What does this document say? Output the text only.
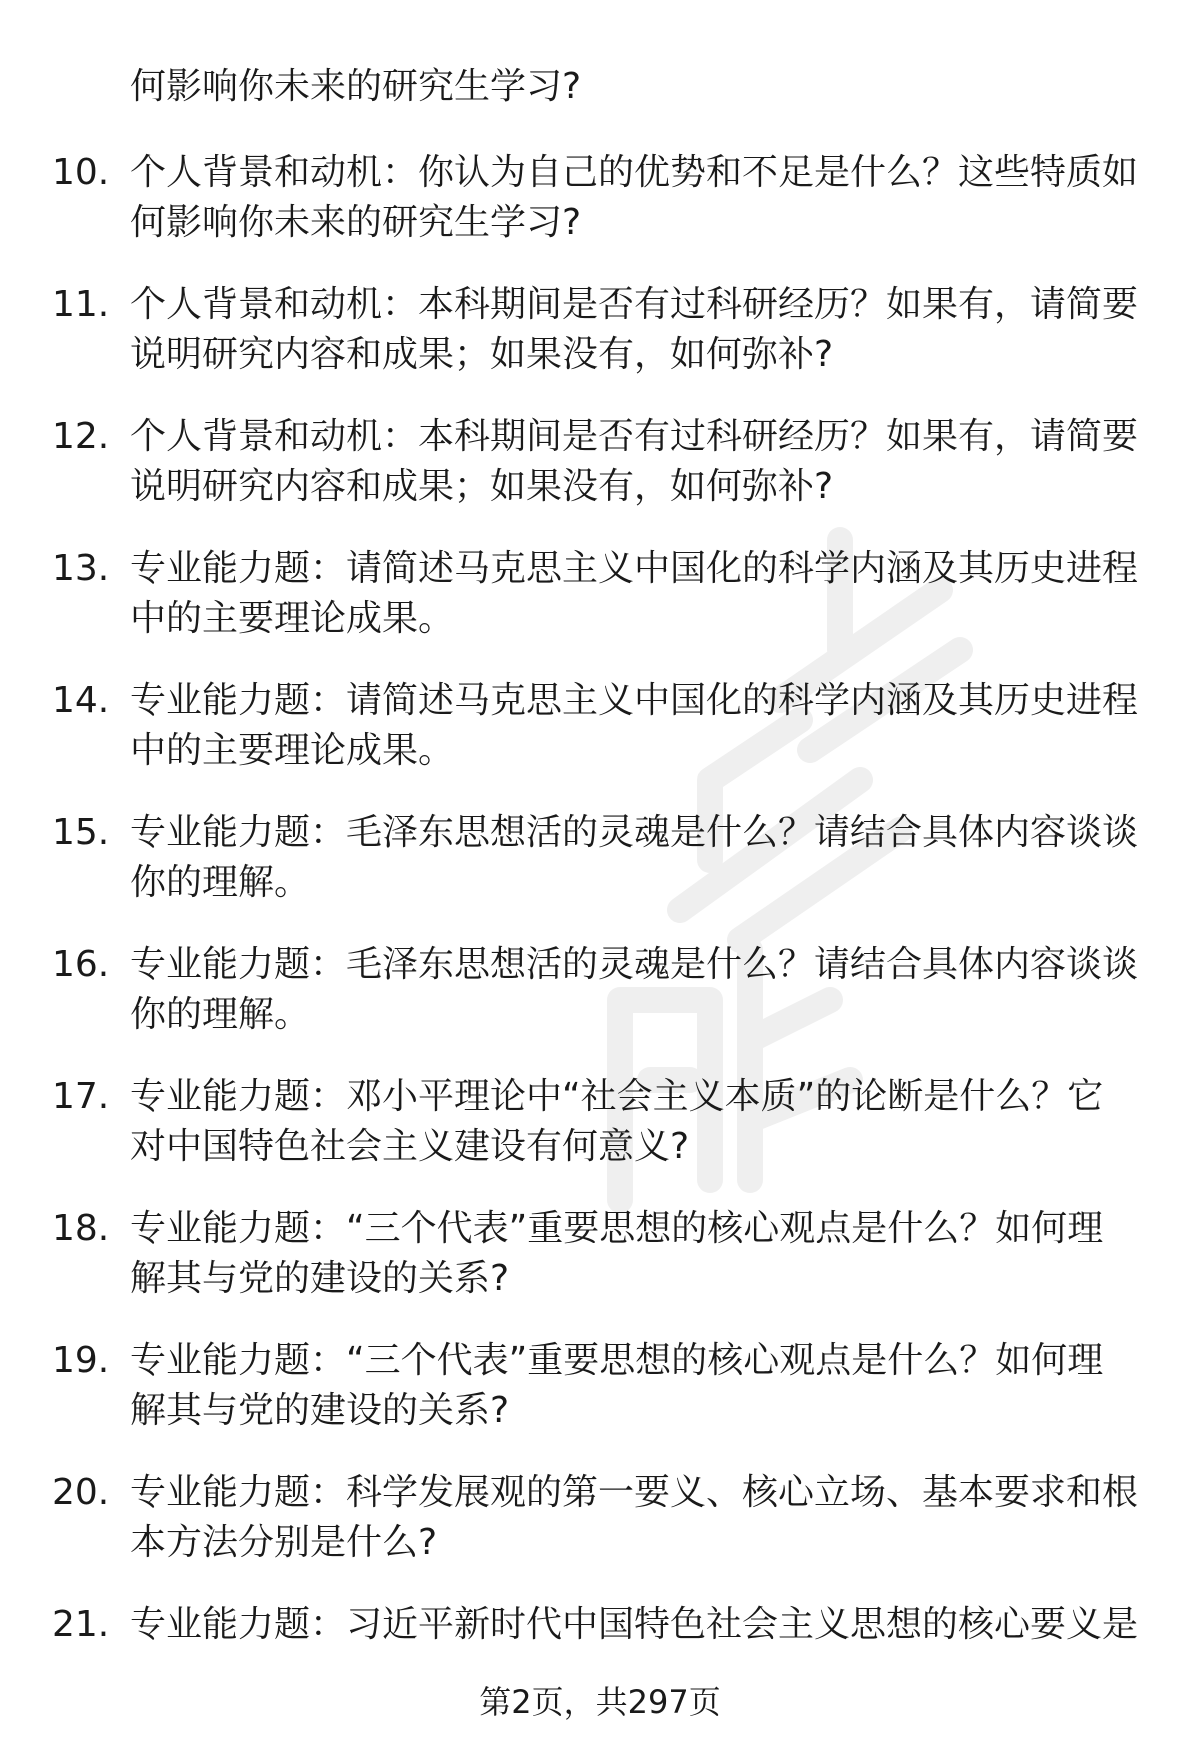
何影响你未来的研究生学习?
10. 个人背景和动机：你认为自己的优势和不足是什么？这些特质如
何影响你未来的研究生学习?
11. 个人背景和动机：本科期间是否有过科研经历？如果有，请简要
说明研究内容和成果；如果没有，如何弥补?
12. 个人背景和动机：本科期间是否有过科研经历？如果有，请简要
说明研究内容和成果；如果没有，如何弥补?
13. 专业能力题：请简述马克思主义中国化的科学内涵及其历史进程
中的主要理论成果。
14. 专业能力题：请简述马克思主义中国化的科学内涵及其历史进程
中的主要理论成果。
15. 专业能力题：毛泽东思想活的灵魂是什么？请结合具体内容谈谈
你的理解。
16. 专业能力题：毛泽东思想活的灵魂是什么？请结合具体内容谈谈
你的理解。
17. 专业能力题：邓小平理论中“社会主义本质”的论断是什么？它
对中国特色社会主义建设有何意义?
18. 专业能力题：“三个代表”重要思想的核心观点是什么？如何理
解其与党的建设的关系?
19. 专业能力题：“三个代表”重要思想的核心观点是什么？如何理
解其与党的建设的关系?
20. 专业能力题：科学发展观的第一要义、核心立场、基本要求和根
本方法分别是什么?
21. 专业能力题：习近平新时代中国特色社会主义思想的核心要义是
第2页，共297页
